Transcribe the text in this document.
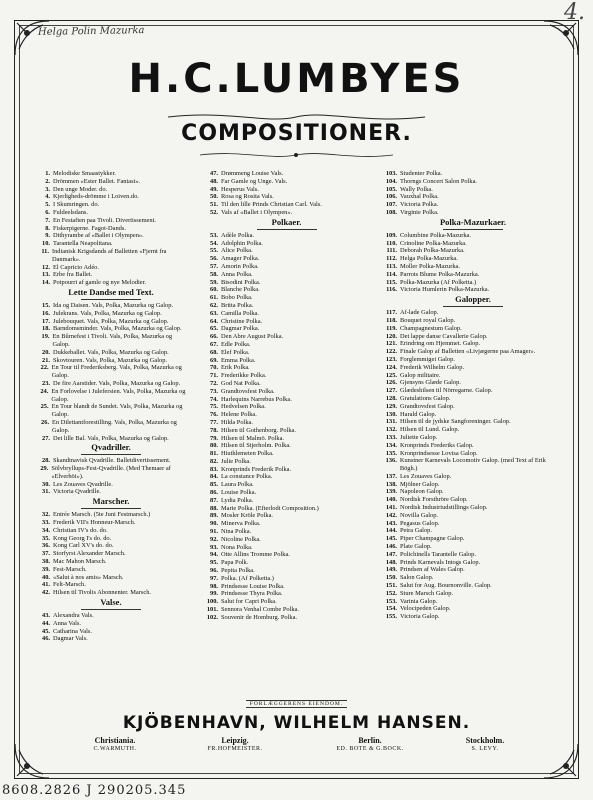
Helga Polin Mazurka
4.
H.C.LUMBYES
COMPOSITIONER.
1. Melodiske Smaastykker.
2. Drömmen «Ester Ballet. Fantasi».
3. Den unge Moder. do.
4. Kjerligheds-drömme i Loiven.do.
5. I Skumringen. do.
6. Fuldeelsdans.
7. En Festaften paa Tivoli. Divertissement.
8. Fiskerpigerne. Fagot-Dands.
9. Dithyrambe af «Ballet i Olympen».
10. Tarantella Neapolitana.
11. Indianisk Krigsdands af Balletten «Fjernt fra Danmark».
12. El Capricio Adéo.
13. Erbe fra Ballet.
14. Potpourri af gamle og nye Melodier.
Lette Dandse med Text.
15. Ida og Daisen. Vals, Polka, Mazurka og Galop.
16. Julekrans. Vals, Polka, Mazurka og Galop.
17. Julebouquet. Vals, Polka, Mazurka og Galop.
18. Barndomsminder. Vals, Polka, Mazurka og Galop.
19. En Bûrnefest i Tivoli. Vals, Polka, Mazurka og Galop.
20. Dukkeballet. Vals, Polka, Mazurka og Galop.
21. Skovtouren. Vals, Polka, Mazurka og Galop.
22. En Tour til Frederiksberg. Vals, Polka, Mazurka og Galop.
23. De fire Aarstider. Vals, Polka, Mazurka og Galop.
24. En Forlovelse i Julefersien. Vals, Polka, Mazurka og Galop.
25. En Tour blandt de Sundet. Vals, Polka, Mazurka og Galop.
26. En Dilettantforestilling. Vals, Polka, Mazurka og Galop.
27. Det lille Bal. Vals, Polka, Mazurka og Galop.
Qvadriller.
28. Skandinavisk Qvadrille. Balletdivertissement.
29. Sölvbryllups-Fest-Qvadrille. (Med Themaer af «Elverhöi»).
30. Les Zouaves Qvadrille.
31. Victoria Qvadrille.
Marscher.
32. Entrée Marsch. (5te Juni Festmarsch.)
33. Frederik VII's Honneur-Marsch.
34. Christian IV's do. do.
35. Kong Georg I's do. do.
36. Kong Carl XV's do. do.
37. Storfyrst Alexander Marsch.
38. Mac Mahon Marsch.
39. Fest-Marsch.
40. «Salut à nos amis» Marsch.
41. Felt-Marsch.
42. Hilsen til Tivolis Abonnenter. Marsch.
Valse.
43. Alexandra Vals.
44. Anna Vals.
45. Catharina Vals.
46. Dagmar Vals.
47. Drømmeng Louise Vals.
48. Far Gamle og Unge. Vals.
49. Hesperus Vals.
50. Rosa og Rosita Vals.
51. Til den lille Prinds Christian Carl. Vals.
52. Vals af «Ballet i Olympen».
Polkaer.
53. Adèle Polka.
54. Adolphin Polka.
55. Alice Polka.
56. Amager Polka.
57. Amorin Polka.
58. Anna Polka.
59. Bisodini Polka.
60. Blanche Polka.
61. Bobo Polka.
62. Britta Polka.
63. Camilla Polka.
64. Christine Polka.
65. Dagmar Polka.
66. Den Abre August Polka.
67. Edle Polka.
68. Elef Polka.
69. Emma Polka.
70. Erik Polka.
71. Frederikke Polka.
72. God Nat Polka.
73. Grandtovsfest Polka.
74. Harlequins Narrebus Polka.
75. Hedvelsen Polka.
76. Helene Polka.
77. Hilda Polka.
78. Hilsen til Gothenborg. Polka.
79. Hilsen til Malmö. Polka.
80. Hilsen til Stjerholm. Polka.
81. Hiuthlemeten Polka.
82. Julie Polka.
83. Kronprinds Frederik Polka.
84. La constance Polka.
85. Laura Polka.
86. Louise Polka.
87. Lydia Polka.
88. Marie Polka. (Efterlodt Composition.)
89. Mosler Kröle Polka.
90. Minerva Polka.
91. Nina Polka.
92. Nicoline Polka.
93. Nona Polka.
94. Otte Allins Tromme Polka.
95. Papa Polk.
96. Pepita Polka.
97. Polka. (Af Polketta.)
98. Prindsesse Louise Polka.
99. Prindsesse Thyra Polka.
100. Salut for Capri Polka.
101. Sennora Venhal Combe Polka.
102. Souvenir de Homburg. Polka.
103. Studenter Polka.
104. Thorngs Concert Salon Polka.
105. Wally Polka.
106. Vauxhal Polka.
107. Victoria Polka.
108. Virginie Polka.
Polka-Mazurkaer.
109. Columbine Polka-Mazurka.
110. Crinoline Polka-Mazurka.
111. Deborah Polka-Mazurka.
112. Helga Polka-Mazurka.
113. Moller Polka-Mazurka.
114. Parrots Blume Polka-Mazurka.
115. Polka-Mazurka (Af Polketta.)
116. Victoria Humlerin Polka-Mazurka.
Galopper.
117. Af-lade Galop.
118. Bouquet royal Galop.
119. Champagnestum Galop.
120. Det lappe danse Cavallerie Galop.
121. Erindring om Hjemmet. Galop.
122. Finale Galop af Balletten «Livjægerne paa Amager».
123. Forglemmigei Galop.
124. Frederik Wilhelm Galop.
125. Galop militaire.
126. Gjensyns Glæde Galop.
127. Glædeshilsen til Nörregarne. Galop.
128. Gratulations Galop.
129. Grandtovsfest Galop.
130. Harald Galop.
131. Hilsen til de jydske Sangforeninger. Galop.
132. Hilsen til Lund. Galop.
133. Juliette Galop.
134. Kronprinds Frederiks Galop.
135. Kronprindsesse Lovisa Galop.
136. Kunstner Karnevals Locomotiv Galop. (med Text af Erik Bögh.)
137. Les Zouaves Galop.
138. Mjölner Galop.
139. Napoleon Galop.
140. Nordisk Forsthröre Galop.
141. Nordisk Industriudstillings Galop.
142. Novilla Galop.
143. Pegasus Galop.
144. Petra Galop.
145. Piper Champagne Galop.
146. Plate Galop.
147. Polichinells Tarantelle Galop.
148. Prinds Karnevals Intogs Galop.
149. Prindsen af Wales Galop.
150. Salon Galop.
151. Salut for Aug. Bournonville. Galop.
152. Sture Marsch Galop.
153. Varinia Galop.
154. Velocipeden Galop.
155. Victoria Galop.
FORLÆGGERENS EIENDOM.
KJÖBENHAVN, WILHELM HANSEN.
Christiania.
C.WARMUTH.
Leipzig.
FR.HOFMEISTER.
Berlin.
ED. BOTE & G.BOCK.
Stockholm.
S. LEVY.
8608.2826 J 290205.345
